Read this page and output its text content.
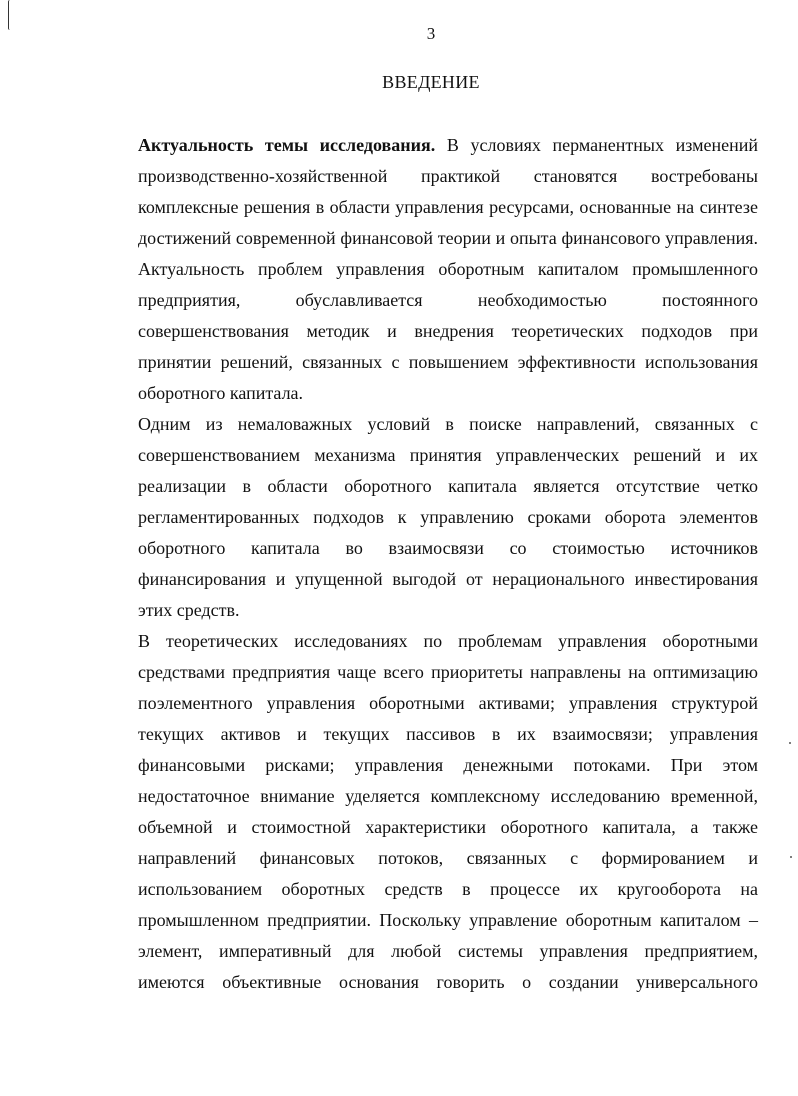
3
ВВЕДЕНИЕ
Актуальность темы исследования. В условиях перманентных изменений
производственно-хозяйственной практикой становятся востребованы
комплексные решения в области управления ресурсами, основанные на синтезе
достижений современной финансовой теории и опыта финансового управления.
Актуальность проблем управления оборотным капиталом промышленного
предприятия, обуславливается необходимостью постоянного
совершенствования методик и внедрения теоретических подходов при
принятии решений, связанных с повышением эффективности использования
оборотного капитала.
Одним из немаловажных условий в поиске направлений, связанных с
совершенствованием механизма принятия управленческих решений и их
реализации в области оборотного капитала является отсутствие четко
регламентированных подходов к управлению сроками оборота элементов
оборотного капитала во взаимосвязи со стоимостью источников
финансирования и упущенной выгодой от нерационального инвестирования
этих средств.
В теоретических исследованиях по проблемам управления оборотными
средствами предприятия чаще всего приоритеты направлены на оптимизацию
поэлементного управления оборотными активами; управления структурой
текущих активов и текущих пассивов в их взаимосвязи; управления
финансовыми рисками; управления денежными потоками. При этом
недостаточное внимание уделяется комплексному исследованию временной,
объемной и стоимостной характеристики оборотного капитала, а также
направлений финансовых потоков, связанных с формированием и
использованием оборотных средств в процессе их кругооборота на
промышленном предприятии. Поскольку управление оборотным капиталом –
элемент, императивный для любой системы управления предприятием,
имеются объективные основания говорить о создании универсального
